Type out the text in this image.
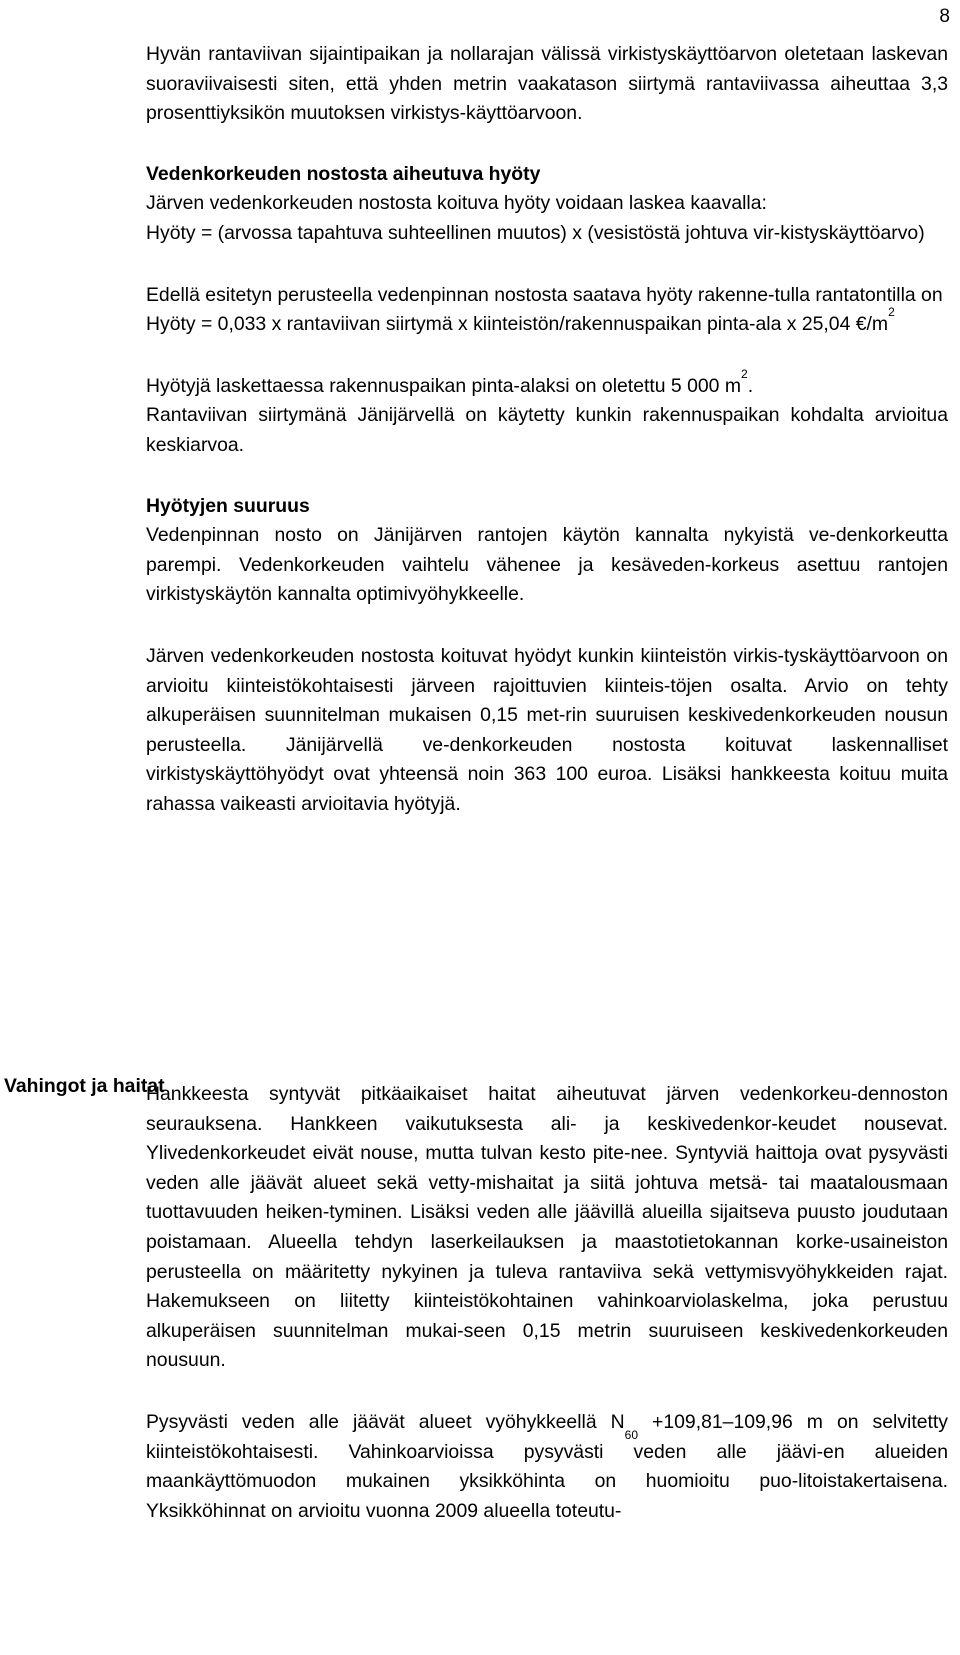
8

Hyvän rantaviivan sijaintipaikan ja nollarajan välissä virkistyskäyttöarvon oletetaan laskevan suoraviivaisesti siten, että yhden metrin vaakatason siirtymä rantaviivassa aiheuttaa 3,3 prosenttiyksikön muutoksen virkistys-käyttöarvoon.

Vedenkorkeuden nostosta aiheutuva hyöty

Järven vedenkorkeuden nostosta koituva hyöty voidaan laskea kaavalla:

Hyöty = (arvossa tapahtuva suhteellinen muutos) x (vesistöstä johtuva vir-kistyskäyttöarvo)

Edellä esitetyn perusteella vedenpinnan nostosta saatava hyöty rakenne-tulla rantatontilla on

Hyöty = 0,033 x rantaviivan siirtymä x kiinteistön/rakennuspaikan pinta-ala x 25,04 $€/m^2$

Hyötyjä laskettaessa rakennuspaikan pinta-alaksi on oletettu 5 000 $m^2$.

Rantaviivan siirtymänä Jänijärvellä on käytetty kunkin rakennuspaikan kohdalta arvioitua keskiarvoa.

Hyötyjen suuruus

Vedenpinnan nosto on Jänijärven rantojen käytön kannalta nykyistä ve-denkorkeutta parempi. Vedenkorkeuden vaihtelu vähenee ja kesäveden-korkeus asettuu rantojen virkistyskäytön kannalta optimivyöhykkeelle.

Järven vedenkorkeuden nostosta koituvat hyödyt kunkin kiinteistön virkis-tyskäyttöarvoon on arvioitu kiinteistökohtaisesti järveen rajoittuvien kiinteis-töjen osalta. Arvio on tehty alkuperäisen suunnitelman mukaisen 0,15 met-rin suuruisen keskivedenkorkeuden nousun perusteella. Jänijärvellä ve-denkorkeuden nostosta koituvat laskennalliset virkistyskäyttöhyödyt ovat yhteensä noin 363 100 euroa. Lisäksi hankkeesta koituu muita rahassa vaikeasti arvioitavia hyötyjä.

Vahingot ja haitat

Hankkeesta syntyvät pitkäaikaiset haitat aiheutuvat järven vedenkorkeu-dennoston seurauksena. Hankkeen vaikutuksesta ali- ja keskivedenkor-keudet nousevat. Ylivedenkorkeudet eivät nouse, mutta tulvan kesto pite-nee. Syntyviä haittoja ovat pysyvästi veden alle jäävät alueet sekä vetty-mishaitat ja siitä johtuva metsä- tai maatalousmaan tuottavuuden heiken-tyminen. Lisäksi veden alle jäävillä alueilla sijaitseva puusto joudutaan poistamaan. Alueella tehdyn laserkeilauksen ja maastotietokannan korke-usaineiston perusteella on määritetty nykyinen ja tuleva rantaviiva sekä vettymisvyöhykkeiden rajat. Hakemukseen on liitetty kiinteistökohtainen vahinkoarviolaskelma, joka perustuu alkuperäisen suunnitelman mukai-seen 0,15 metrin suuruiseen keskivedenkorkeuden nousuun.

Pysyvästi veden alle jäävät alueet vyöhykkeellä $N_{60} +109,81-109,96$ m on selvitetty kiinteistökohtaisesti. Vahinkoarvioissa pysyvästi veden alle jäävi-en alueiden maankäyttömuodon mukainen yksikköhinta on huomioitu puo-litoistakertaisena. Yksikköhinnat on arvioitu vuonna 2009 alueella toteutu-
